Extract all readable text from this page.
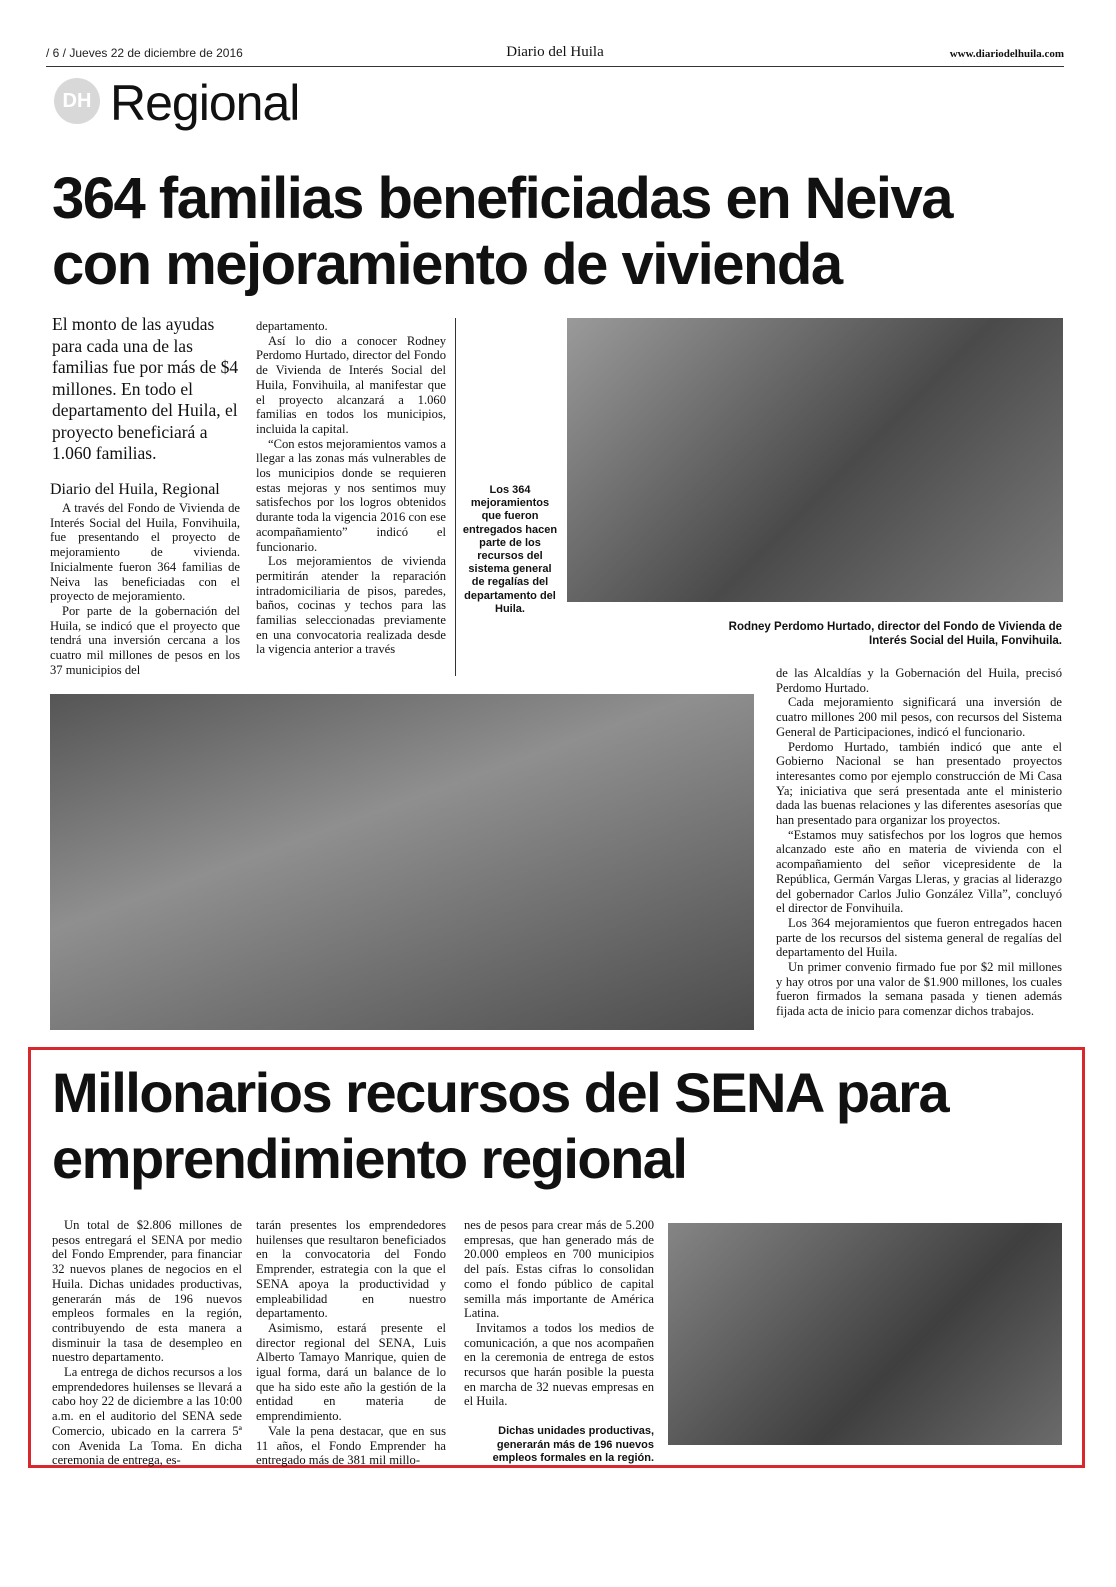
/ 6 / Jueves 22 de diciembre de 2016	Diario del Huila	www.diariodelhuila.com
DH Regional
364 familias beneficiadas en Neiva con mejoramiento de vivienda
El monto de las ayudas para cada una de las familias fue por más de $4 millones. En todo el departamento del Huila, el proyecto beneficiará a 1.060 familias.
Diario del Huila, Regional

A través del Fondo de Vivienda de Interés Social del Huila, Fonvihuila, fue presentando el proyecto de mejoramiento de vivienda. Inicialmente fueron 364 familias de Neiva las beneficiadas con el proyecto de mejoramiento.

Por parte de la gobernación del Huila, se indicó que el proyecto que tendrá una inversión cercana a los cuatro mil millones de pesos en los 37 municipios del

departamento.

Así lo dio a conocer Rodney Perdomo Hurtado, director del Fondo de Vivienda de Interés Social del Huila, Fonvihuila, al manifestar que el proyecto alcanzará a 1.060 familias en todos los municipios, incluida la capital.

“Con estos mejoramientos vamos a llegar a las zonas más vulnerables de los municipios donde se requieren estas mejoras y nos sentimos muy satisfechos por los logros obtenidos durante toda la vigencia 2016 con ese acompañamiento” indicó el funcionario.

Los mejoramientos de vivienda permitirán atender la reparación intradomiciliaria de pisos, paredes, baños, cocinas y techos para las familias seleccionadas previamente en una convocatoria realizada desde la vigencia anterior a través

Los 364 mejoramientos que fueron entregados hacen parte de los recursos del sistema general de regalías del departamento del Huila.
Rodney Perdomo Hurtado, director del Fondo de Vivienda de Interés Social del Huila, Fonvihuila.

de las Alcaldías y la Gobernación del Huila, precisó Perdomo Hurtado.

Cada mejoramiento significará una inversión de cuatro millones 200 mil pesos, con recursos del Sistema General de Participaciones, indicó el funcionario.

Perdomo Hurtado, también indicó que ante el Gobierno Nacional se han presentado proyectos interesantes como por ejemplo construcción de Mi Casa Ya; iniciativa que será presentada ante el ministerio dada las buenas relaciones y las diferentes asesorías que han presentado para organizar los proyectos.

“Estamos muy satisfechos por los logros que hemos alcanzado este año en materia de vivienda con el acompañamiento del señor vicepresidente de la República, Germán Vargas Lleras, y gracias al liderazgo del gobernador Carlos Julio González Villa”, concluyó el director de Fonvihuila.

Los 364 mejoramientos que fueron entregados hacen parte de los recursos del sistema general de regalías del departamento del Huila.

Un primer convenio firmado fue por $2 mil millones y hay otros por una valor de $1.900 millones, los cuales fueron firmados la semana pasada y tienen además fijada acta de inicio para comenzar dichos trabajos.

Millonarios recursos del SENA para emprendimiento regional

Un total de $2.806 millones de pesos entregará el SENA por medio del Fondo Emprender, para financiar 32 nuevos planes de negocios en el Huila. Dichas unidades productivas, generarán más de 196 nuevos empleos formales en la región, contribuyendo de esta manera a disminuir la tasa de desempleo en nuestro departamento.

La entrega de dichos recursos a los emprendedores huilenses se llevará a cabo hoy 22 de diciembre a las 10:00 a.m. en el auditorio del SENA sede Comercio, ubicado en la carrera 5ª con Avenida La Toma. En dicha ceremonia de entrega, es-

tarán presentes los emprendedores huilenses que resultaron beneficiados en la convocatoria del Fondo Emprender, estrategia con la que el SENA apoya la productividad y empleabilidad en nuestro departamento.

Asimismo, estará presente el director regional del SENA, Luis Alberto Tamayo Manrique, quien de igual forma, dará un balance de lo que ha sido este año la gestión de la entidad en materia de emprendimiento.

Vale la pena destacar, que en sus 11 años, el Fondo Emprender ha entregado más de 381 mil millo-

nes de pesos para crear más de 5.200 empresas, que han generado más de 20.000 empleos en 700 municipios del país. Estas cifras lo consolidan como el fondo público de capital semilla más importante de América Latina.

Invitamos a todos los medios de comunicación, a que nos acompañen en la ceremonia de entrega de estos recursos que harán posible la puesta en marcha de 32 nuevas empresas en el Huila.

Dichas unidades productivas, generarán más de 196 nuevos empleos formales en la región.
